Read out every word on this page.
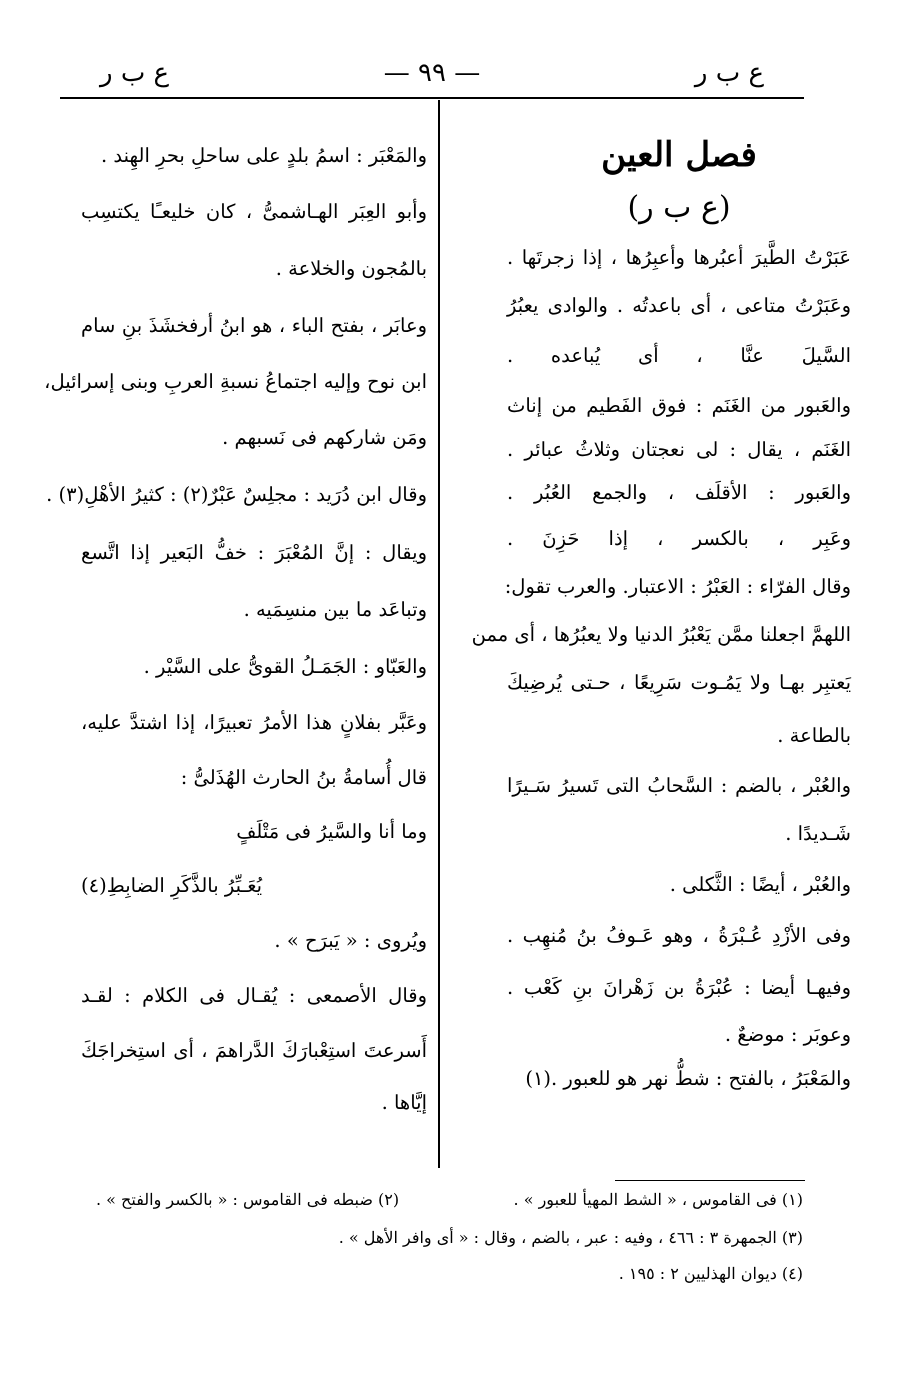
ع ب ر
— ٩٩ —
ع ب ر
فصل العين
(ع ب ر)
عَبَرْتُ الطَّيرَ أعبُرها وأعبِرُها ، إذا زجرتَها .
وعَبَرْتُ متاعى ، أى باعدتُه . والوادى يعبُرُ
السَّيلَ عنَّا ، أى يُباعده .
والعَبور من الغَنَم : فوق الفَطيم من إناث
الغَنَم ، يقال : لى نعجتان وثلاثُ عبائر .
والعَبور : الأقلَف ، والجمع العُبُر .
وعَبِر ، بالكسر ، إذا حَزِنَ .
وقال الفرّاء : العَبْرُ : الاعتبار. والعرب تقول:
اللهمَّ اجعلنا ممَّن يَعْبُرُ الدنيا ولا يعبُرُها ، أى ممن
يَعتبِر بهـا ولا يَمُـوت سَرِيعًا ، حـتى يُرضِيكَ
بالطاعة .
والعُبْر ، بالضم : السَّحابُ التى تَسيرُ سَـيرًا
شَـديدًا .
والعُبْر ، أيضًا : الثَّكلى .
وفى الأزْدِ عُـبْرَةُ ، وهو عَـوفُ بنُ مُنهِب .
وفيهـا أيضا : عُبْرَةُ بن زَهْرانَ بنِ كَعْب .
وعوبَر : موضعٌ .
والمَعْبَرُ ، بالفتح : شطُّ نهر هو للعبور .(١)
والمَعْبَر : اسمُ بلدٍ على ساحلِ بحرِ الهِند .
وأبو العِبَر الهـاشمىُّ ، كان خليعـًا يكتسِب
بالمُجون والخلاعة .
وعابَر ، بفتح الباء ، هو ابنُ أرفخشَذَ بنِ سام
ابن نوح وإليه اجتماعُ نسبةِ العربِ وبنى إسرائيل،
ومَن شاركهم فى نَسبهم .
وقال ابن دُرَيد : مجلِسٌ عَبْرٌ(٢) : كثيرُ الأهْلِ(٣) .
ويقال : إنَّ المُعْبَرَ : خفُّ البَعير إذا اتَّسع
وتباعَد ما بين منسِمَيه .
والعَبّاو : الجَمَـلُ القوىُّ على السَّيْر .
وعَبَّر بفلانٍ هذا الأمرُ تعبيرًا، إذا اشتدَّ عليه،
قال أُسامةُ بنُ الحارث الهُذَلىُّ :
وما أنا والسَّيرُ فى مَتْلَفٍ
يُعَـبِّرُ بالذَّكَرِ الضابِطِ(٤)
ويُروى : « يَبرَح » .
وقال الأصمعى : يُقـال فى الكلام : لقـد
أَسرعتَ استِعْبارَكَ الدَّراهمَ ، أى استِخراجَكَ
إيَّاها .
(١) فى القاموس ، « الشط المهيأ للعبور » .
(٢) ضبطه فى القاموس : « بالكسر والفتح » .
(٣) الجمهرة ٣ : ٤٦٦ ، وفيه : عبر ، بالضم ، وقال : « أى وافر الأهل » .
(٤) ديوان الهذليين ٢ : ١٩٥ .
